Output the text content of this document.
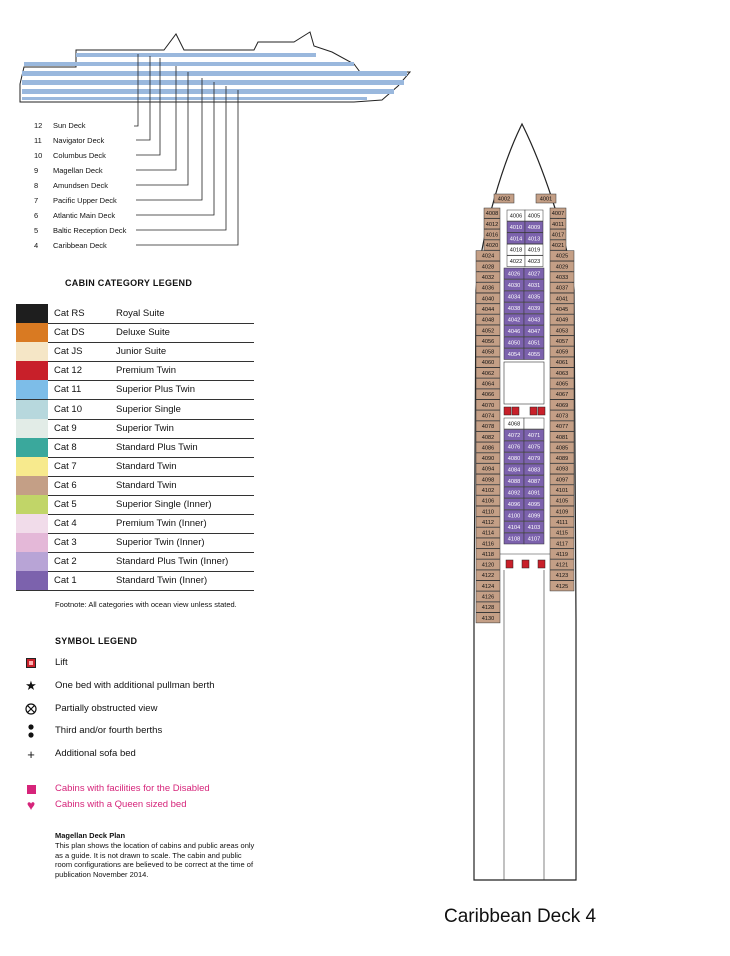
12 Sun Deck
11 Navigator Deck
10 Columbus Deck
9 Magellan Deck
8 Amundsen Deck
7 Pacific Upper Deck
6 Atlantic Main Deck
5 Baltic Reception Deck
4 Caribbean Deck
CABIN CATEGORY LEGEND
Cat RS	Royal Suite
Cat DS	Deluxe Suite
Cat JS	Junior Suite
Cat 12	Premium Twin
Cat 11	Superior Plus Twin
Cat 10	Superior Single
Cat 9	Superior Twin
Cat 8	Standard Plus Twin
Cat 7	Standard Twin
Cat 6	Standard Twin
Cat 5	Superior Single (Inner)
Cat 4	Premium Twin (Inner)
Cat 3	Superior Twin (Inner)
Cat 2	Standard Plus Twin (Inner)
Cat 1	Standard Twin (Inner)
Footnote: All categories with ocean view unless stated.
SYMBOL LEGEND
Lift
★ One bed with additional pullman berth
Partially obstructed view
Third and/or fourth berths
+	Additional sofa bed
Cabins with facilities for the Disabled
♥ Cabins with a Queen sized bed
Magellan Deck Plan
This plan shows the location of cabins and public areas only as a guide. It is not drawn to scale. The cabin and public room configurations are believed to be correct at the time of publication November 2014.
4002	4001
4008
4012
4016
4020
4024
4028
4032
4036
4040
4044
4048
4052
4056
4058
4060
4062
4064
4066
4070
4074
4078
4082
4086
4090
4094
4098
4102
4106
4110
4112
4114
4116
4118
4120
4122
4124
4126
4128
4130
4007
4011
4017
4021
4025
4029
4033
4037
4041
4045
4049
4053
4057
4059
4061
4063
4065
4067
4069
4073
4077
4081
4085
4089
4093
4097
4101
4105
4109
4111
4115
4117
4119
4121
4123
4125
4006 4005
4010 4009
4014 4013
4018 4019
4022 4023
4026 4027
4030 4031
4034 4035
4038 4039
4042 4043
4046 4047
4050 4051
4054 4055
4068
4072 4071
4076 4075
4080 4079
4084 4083
4088 4087
4092 4091
4096 4095
4100 4099
4104 4103
4108 4107
Caribbean Deck 4
